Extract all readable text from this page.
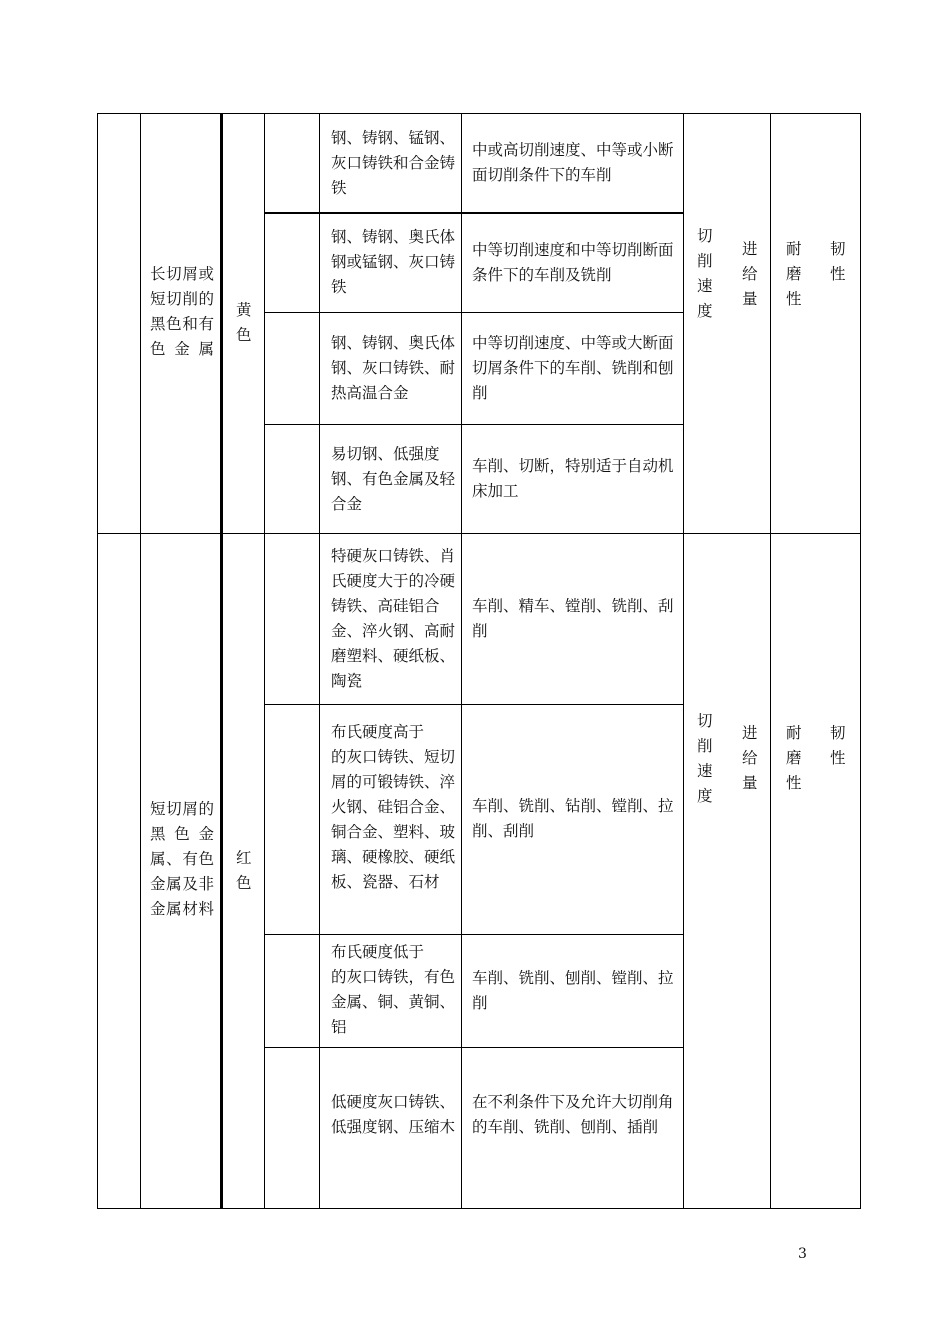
长切屑或短切削的黑色和有色金属
黄色
钢、铸钢、锰钢、灰口铸铁和合金铸铁
中或高切削速度、中等或小断面切削条件下的车削
钢、铸钢、奥氏体钢或锰钢、灰口铸铁
中等切削速度和中等切削断面条件下的车削及铣削
钢、铸钢、奥氏体钢、灰口铸铁、耐热高温合金
中等切削速度、中等或大断面切屑条件下的车削、铣削和刨削
易切钢、低强度钢、有色金属及轻合金
车削、切断，特别适于自动机床加工
切削速度
进给量
耐磨性
韧性
短切屑的黑色金属、有色金属及非金属材料
红色
特硬灰口铸铁、肖氏硬度大于的冷硬铸铁、高硅铝合金、淬火钢、高耐磨塑料、硬纸板、陶瓷
车削、精车、镗削、铣削、刮削
布氏硬度高于　　的灰口铸铁、短切屑的可锻铸铁、淬火钢、硅铝合金、铜合金、塑料、玻璃、硬橡胶、硬纸板、瓷器、石材
车削、铣削、钻削、镗削、拉削、刮削
布氏硬度低于　　的灰口铸铁，有色金属、铜、黄铜、铝
车削、铣削、刨削、镗削、拉削
低硬度灰口铸铁、低强度钢、压缩木
在不利条件下及允许大切削角的车削、铣削、刨削、插削
切削速度
进给量
耐磨性
韧性
3
